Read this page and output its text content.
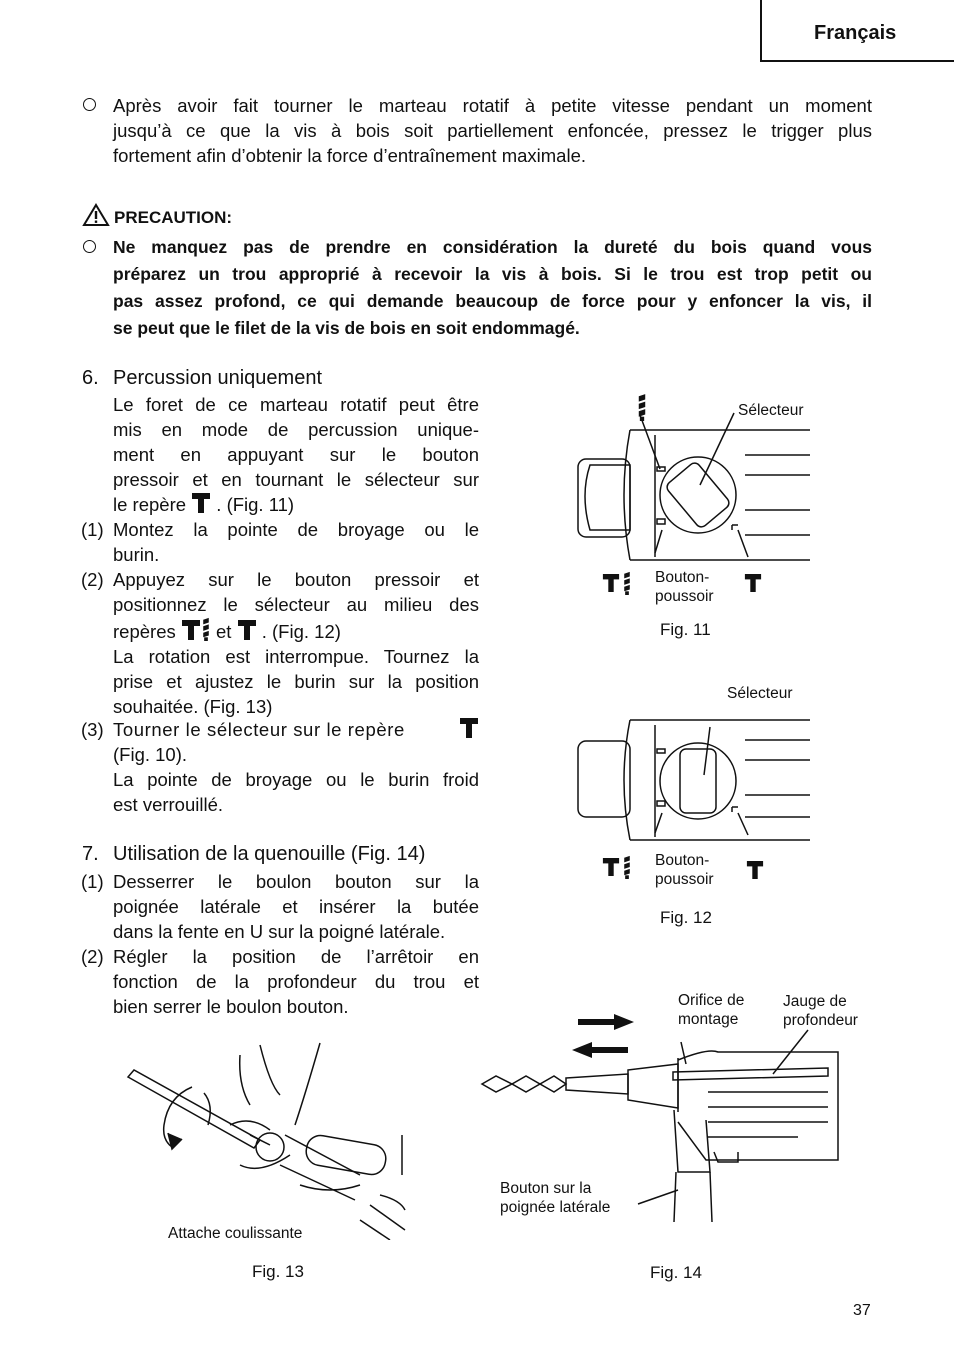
Français
Après avoir fait tourner le marteau rotatif à petite vitesse pendant un moment
jusqu’à ce que la vis à bois soit partiellement enfoncée, pressez le trigger plus
fortement afin d’obtenir la force d’entraînement maximale.
PRECAUTION:
Ne manquez pas de prendre en considération la dureté du bois quand vous
préparez un trou approprié à recevoir la vis à bois. Si le trou est trop petit ou
pas assez profond, ce qui demande beaucoup de force pour y enfoncer la vis, il
se peut que le filet de la vis de bois en soit endommagé.
6. Percussion uniquement
Le foret de ce marteau rotatif peut être
mis en mode de percussion unique-
ment en appuyant sur le bouton
pressoir et en tournant le sélecteur sur
le repère . (Fig. 11)
(1) Montez la pointe de broyage ou le
burin.
(2) Appuyez sur le bouton pressoir et
positionnez le sélecteur au milieu des
repères et . (Fig. 12)
La rotation est interrompue. Tournez la
prise et ajustez le burin sur la position
souhaitée. (Fig. 13)
(3) Tourner le sélecteur sur le repère
(Fig. 10).
La pointe de broyage ou le burin froid
est verrouillé.
7. Utilisation de la quenouille (Fig. 14)
(1) Desserrer le boulon bouton sur la
poignée latérale et insérer la butée
dans la fente en U sur la poigné latérale.
(2) Régler la position de l’arrêtoir en
fonction de la profondeur du trou et
bien serrer le boulon bouton.
Sélecteur
Bouton-
poussoir
Fig. 11
Sélecteur
Bouton-
poussoir
Fig. 12
Attache coulissante
Fig. 13
Orifice de
montage
Jauge de
profondeur
Bouton sur la
poignée latérale
Fig. 14
37
